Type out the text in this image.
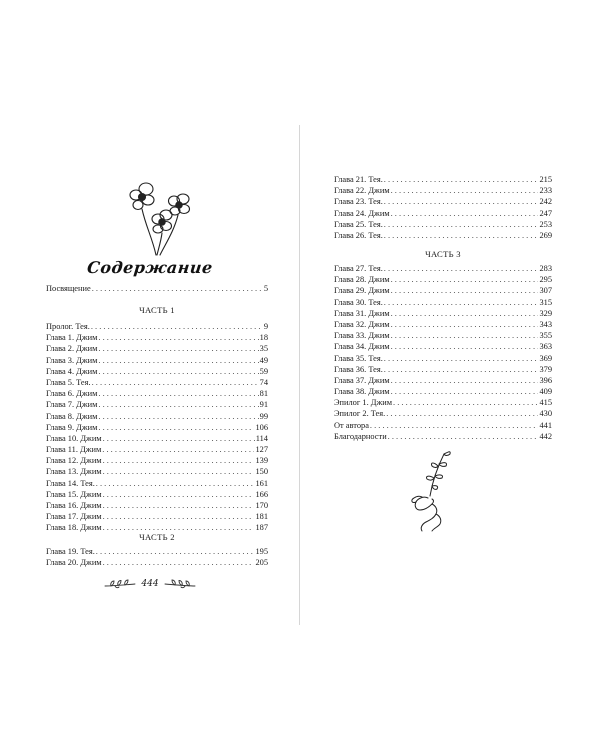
Содержание
Посвящение . . .	5
ЧАСТЬ 1
Пролог. Тея. . . .	9
Глава 1. Джим . . .	18
Глава 2. Джим . . .	35
Глава 3. Джим . . .	49
Глава 4. Джим . . .	59
Глава 5. Тея. . . .	74
Глава 6. Джим . . .	81
Глава 7. Джим . . .	91
Глава 8. Джим . . .	99
Глава 9. Джим . . .	106
Глава 10. Джим . . .	114
Глава 11. Джим . . .	127
Глава 12. Джим . . .	139
Глава 13. Джим . . .	150
Глава 14. Тея. . . .	161
Глава 15. Джим . . .	166
Глава 16. Джим . . .	170
Глава 17. Джим . . .	181
Глава 18. Джим . . .	187
ЧАСТЬ 2
Глава 19. Тея. . . .	195
Глава 20. Джим . . .	205
444
Глава 21. Тея. . . .	215
Глава 22. Джим . . .	233
Глава 23. Тея. . . .	242
Глава 24. Джим . . .	247
Глава 25. Тея. . . .	253
Глава 26. Тея. . . .	269
ЧАСТЬ 3
Глава 27. Тея. . . .	283
Глава 28. Джим . . .	295
Глава 29. Джим . . .	307
Глава 30. Тея. . . .	315
Глава 31. Джим . . .	329
Глава 32. Джим . . .	343
Глава 33. Джим . . .	355
Глава 34. Джим . . .	363
Глава 35. Тея. . . .	369
Глава 36. Тея. . . .	379
Глава 37. Джим . . .	396
Глава 38. Джим . . .	409
Эпилог 1. Джим . . .	415
Эпилог 2. Тея. . . .	430
От автора . . .	441
Благодарности . . .	442
